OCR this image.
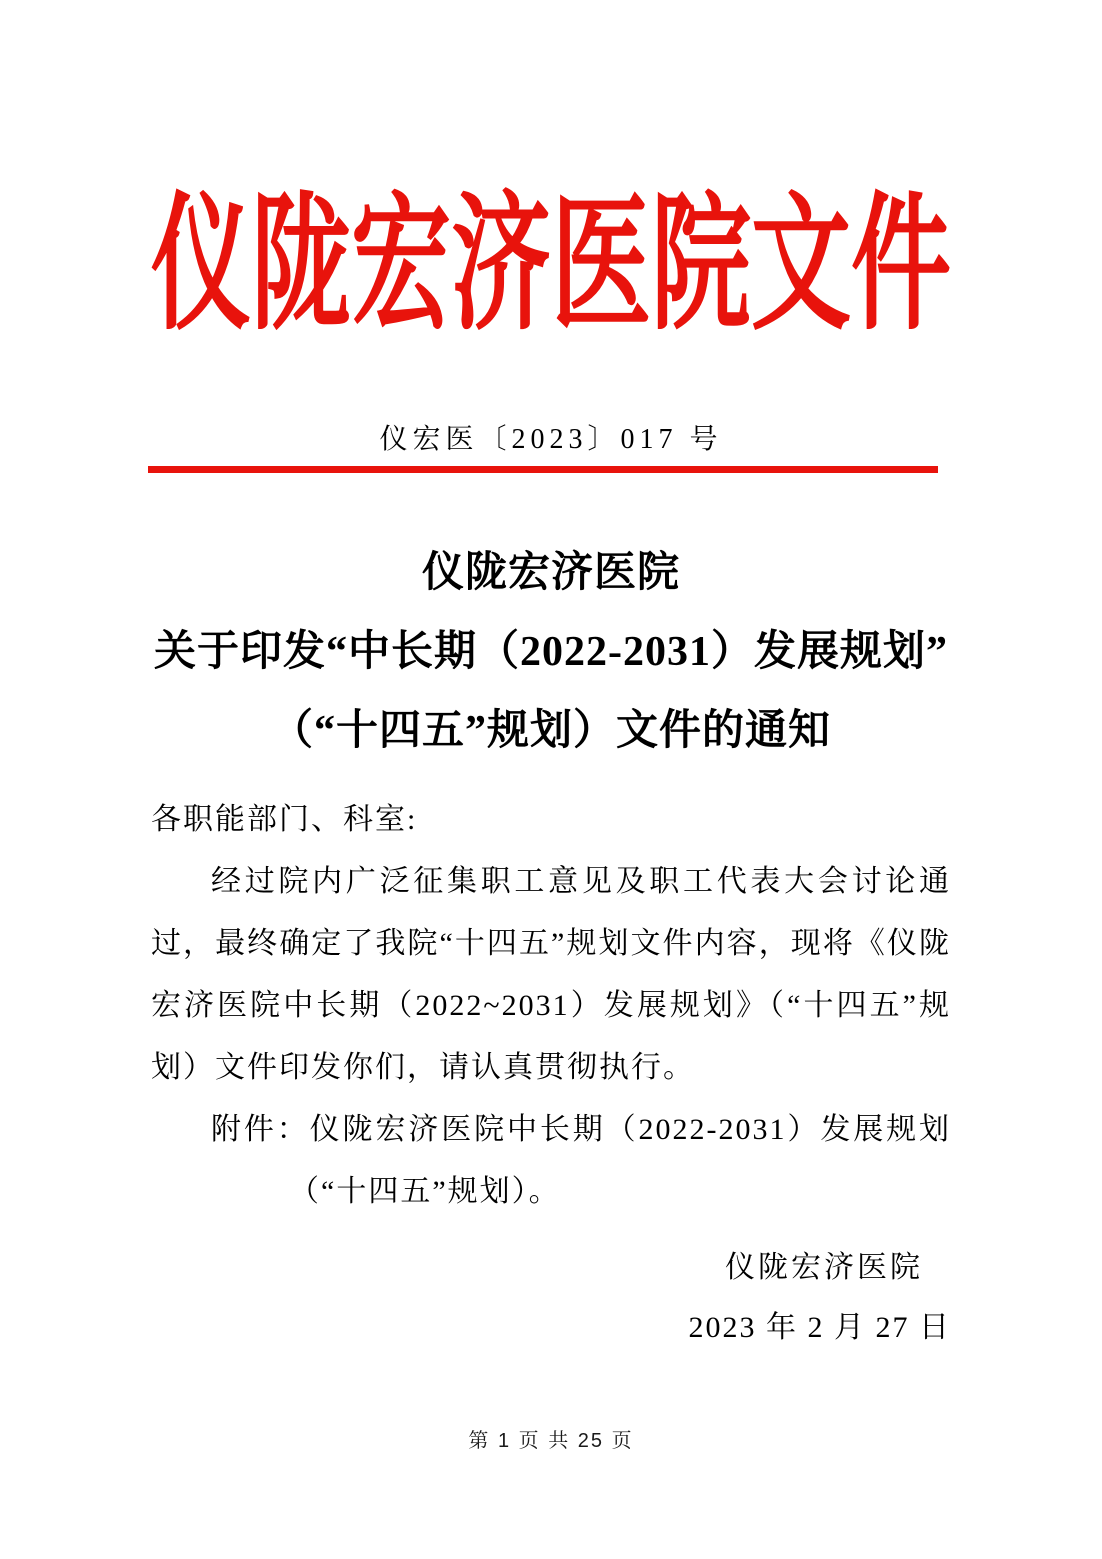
仪陇宏济医院文件
仪宏医〔2023〕017 号
仪陇宏济医院
关于印发“中长期（2022-2031）发展规划”
（“十四五”规划）文件的通知

各职能部门、科室:

经过院内广泛征集职工意见及职工代表大会讨论通过，最终确定了我院“十四五”规划文件内容，现将《仪陇宏济医院中长期（2022~2031）发展规划》（“十四五”规划）文件印发你们，请认真贯彻执行。

附件：仪陇宏济医院中长期（2022-2031）发展规划（“十四五”规划）。

仪陇宏济医院
2023 年 2 月 27 日
第 1 页 共 25 页
